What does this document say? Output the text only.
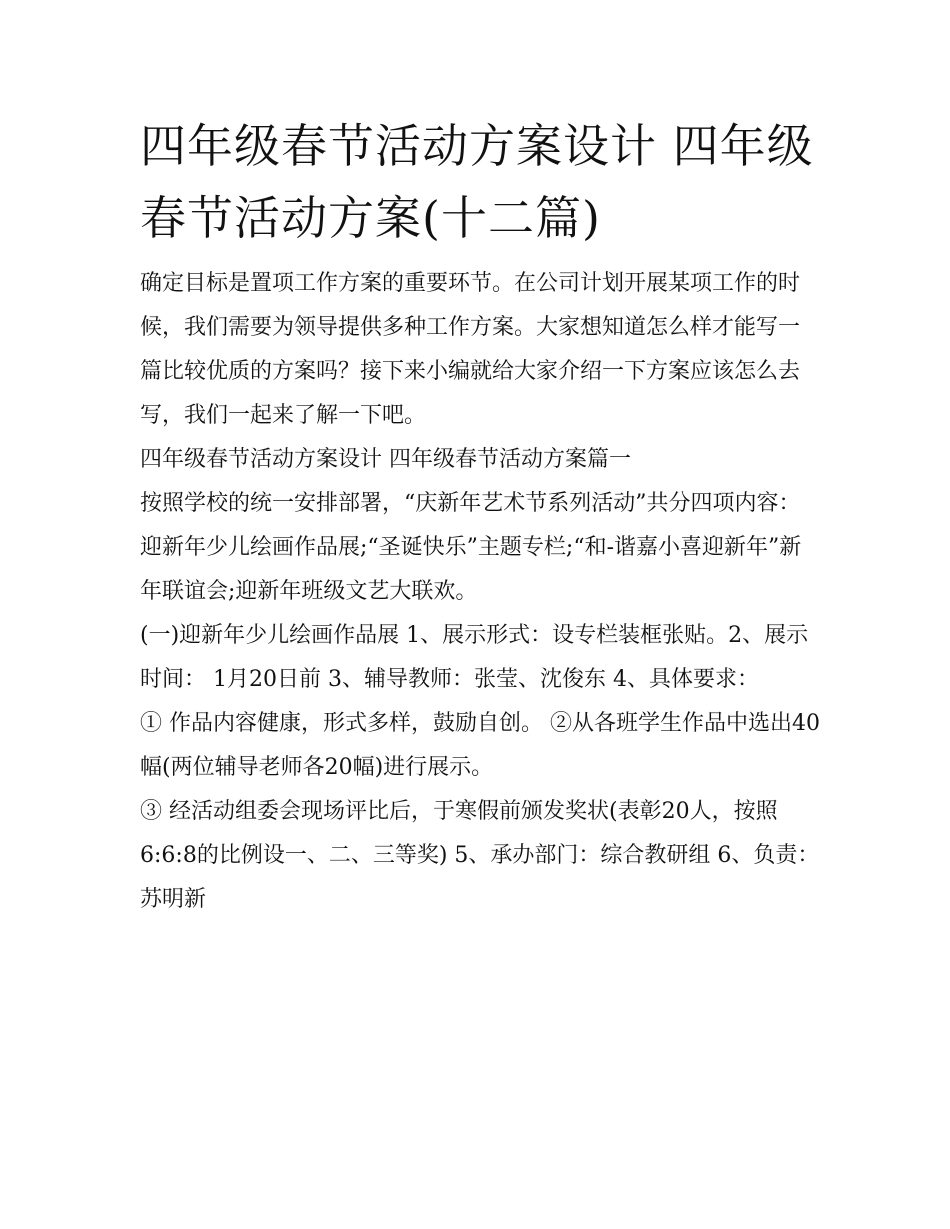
四年级春节活动方案设计 四年级春节活动方案(十二篇)

确定目标是置项工作方案的重要环节。在公司计划开展某项工作的时候，我们需要为领导提供多种工作方案。大家想知道怎么样才能写一篇比较优质的方案吗？接下来小编就给大家介绍一下方案应该怎么去写，我们一起来了解一下吧。

四年级春节活动方案设计 四年级春节活动方案篇一

按照学校的统一安排部署，“庆新年艺术节系列活动”共分四项内容：迎新年少儿绘画作品展;“圣诞快乐”主题专栏;“和-谐嘉小喜迎新年”新年联谊会;迎新年班级文艺大联欢。

(一)迎新年少儿绘画作品展 1、展示形式：设专栏装框张贴。2、展示时间： 1月20日前 3、辅导教师：张莹、沈俊东 4、具体要求：

① 作品内容健康，形式多样，鼓励自创。 ②从各班学生作品中选出40幅(两位辅导老师各20幅)进行展示。

③ 经活动组委会现场评比后，于寒假前颁发奖状(表彰20人，按照6:6:8的比例设一、二、三等奖) 5、承办部门：综合教研组 6、负责：苏明新
